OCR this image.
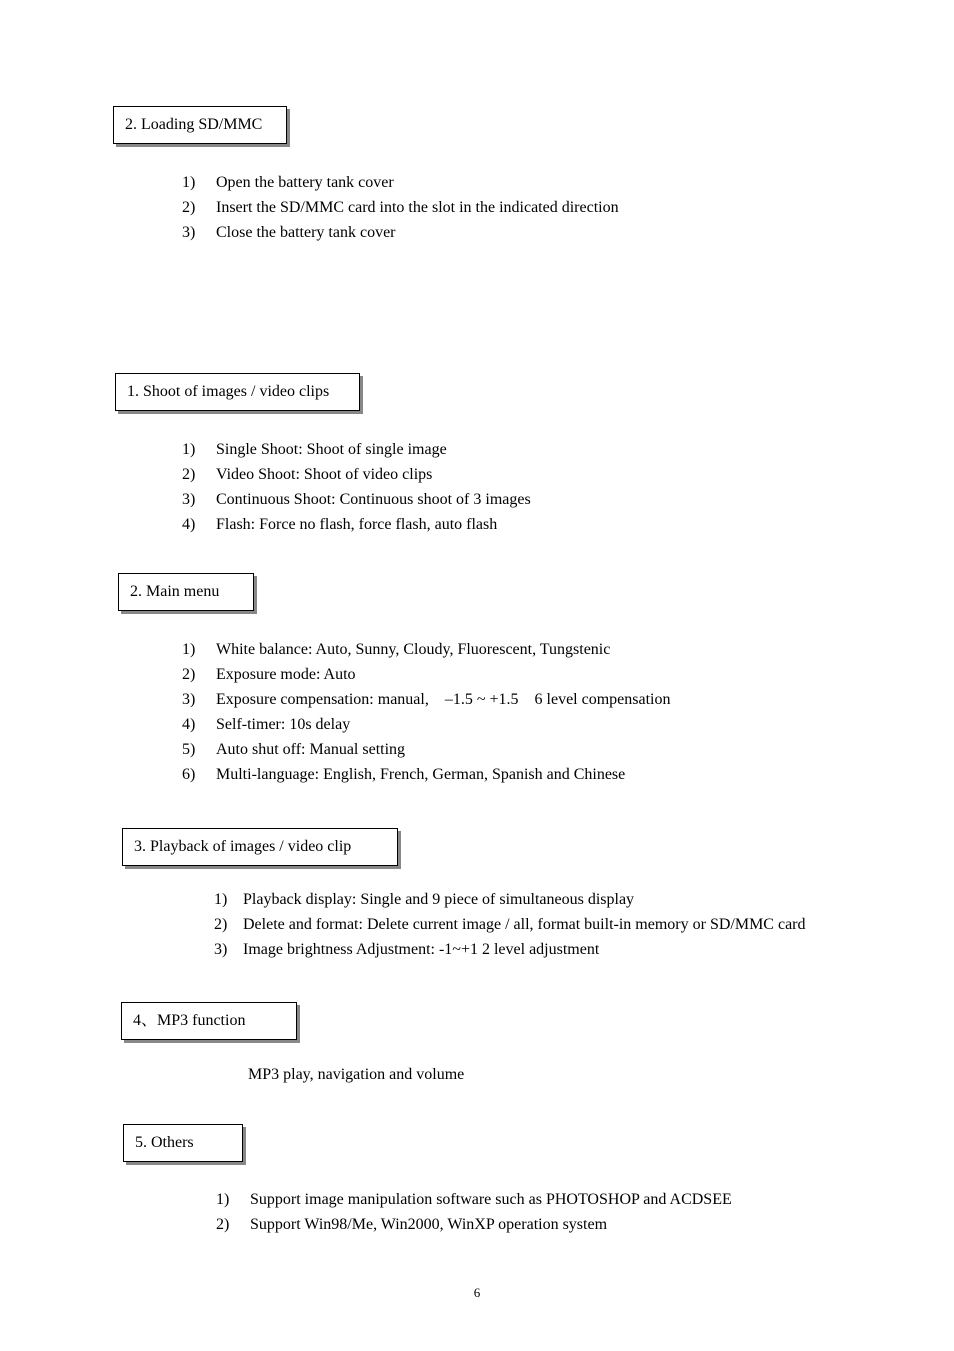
2. Loading SD/MMC
1) Open the battery tank cover
2) Insert the SD/MMC card into the slot in the indicated direction
3) Close the battery tank cover
1. Shoot of images / video clips
1) Single Shoot: Shoot of single image
2) Video Shoot: Shoot of video clips
3) Continuous Shoot: Continuous shoot of 3 images
4) Flash: Force no flash, force flash, auto flash
2. Main menu
1) White balance: Auto, Sunny, Cloudy, Fluorescent, Tungstenic
2) Exposure mode: Auto
3) Exposure compensation: manual,    –1.5 ~ +1.5    6 level compensation
4) Self-timer: 10s delay
5) Auto shut off: Manual setting
6) Multi-language: English, French, German, Spanish and Chinese
3. Playback of images / video clip
1) Playback display: Single and 9 piece of simultaneous display
2) Delete and format: Delete current image / all, format built-in memory or SD/MMC card
3) Image brightness Adjustment: -1~+1 2 level adjustment
4、MP3 function
MP3 play, navigation and volume
5. Others
1) Support image manipulation software such as PHOTOSHOP and ACDSEE
2) Support Win98/Me, Win2000, WinXP operation system
6
